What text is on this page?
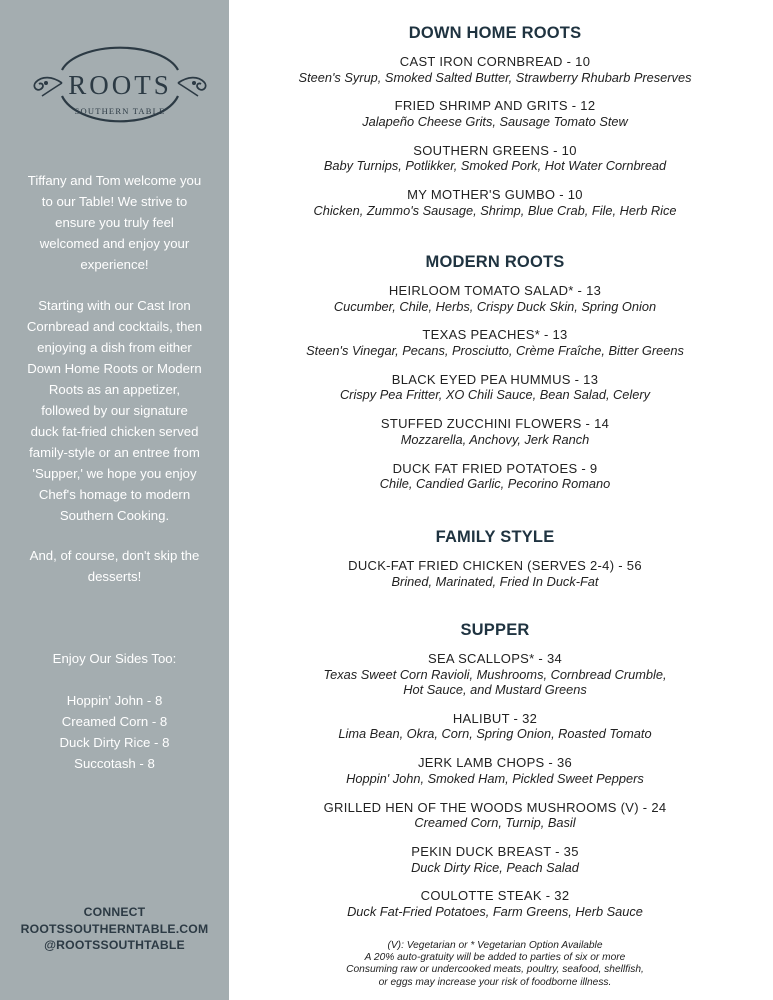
ROOTS
SOUTHERN TABLE
Tiffany and Tom welcome you
to our Table! We strive to
ensure you truly feel
welcomed and enjoy your
experience!
Starting with our Cast Iron
Cornbread and cocktails, then
enjoying a dish from either
Down Home Roots or Modern
Roots as an appetizer,
followed by our signature
duck fat-fried chicken served
family-style or an entree from
'Supper,' we hope you enjoy
Chef's homage to modern
Southern Cooking.
And, of course, don't skip the
desserts!
Enjoy Our Sides Too:
Hoppin' John - 8
Creamed Corn - 8
Duck Dirty Rice - 8
Succotash - 8
CONNECT
ROOTSSOUTHERNTABLE.COM
@ROOTSSOUTHTABLE
DOWN HOME ROOTS
CAST IRON CORNBREAD - 10
Steen's Syrup, Smoked Salted Butter, Strawberry Rhubarb Preserves
FRIED SHRIMP AND GRITS - 12
Jalapeño Cheese Grits, Sausage Tomato Stew
SOUTHERN GREENS - 10
Baby Turnips, Potlikker, Smoked Pork, Hot Water Cornbread
MY MOTHER'S GUMBO - 10
Chicken, Zummo's Sausage, Shrimp, Blue Crab, File, Herb Rice
MODERN ROOTS
HEIRLOOM TOMATO SALAD* - 13
Cucumber, Chile, Herbs, Crispy Duck Skin, Spring Onion
TEXAS PEACHES* - 13
Steen's Vinegar, Pecans, Prosciutto, Crème Fraîche, Bitter Greens
BLACK EYED PEA HUMMUS - 13
Crispy Pea Fritter, XO Chili Sauce, Bean Salad, Celery
STUFFED ZUCCHINI FLOWERS - 14
Mozzarella, Anchovy, Jerk Ranch
DUCK FAT FRIED POTATOES - 9
Chile, Candied Garlic, Pecorino Romano
FAMILY STYLE
DUCK-FAT FRIED CHICKEN (SERVES 2-4) - 56
Brined, Marinated, Fried In Duck-Fat
SUPPER
SEA SCALLOPS* - 34
Texas Sweet Corn Ravioli, Mushrooms, Cornbread Crumble,
Hot Sauce, and Mustard Greens
HALIBUT - 32
Lima Bean, Okra, Corn, Spring Onion, Roasted Tomato
JERK LAMB CHOPS - 36
Hoppin' John, Smoked Ham, Pickled Sweet Peppers
GRILLED HEN OF THE WOODS MUSHROOMS (V) - 24
Creamed Corn, Turnip, Basil
PEKIN DUCK BREAST - 35
Duck Dirty Rice, Peach Salad
COULOTTE STEAK - 32
Duck Fat-Fried Potatoes, Farm Greens, Herb Sauce
(V): Vegetarian or * Vegetarian Option Available
A 20% auto-gratuity will be added to parties of six or more
Consuming raw or undercooked meats, poultry, seafood, shellfish,
or eggs may increase your risk of foodborne illness.
